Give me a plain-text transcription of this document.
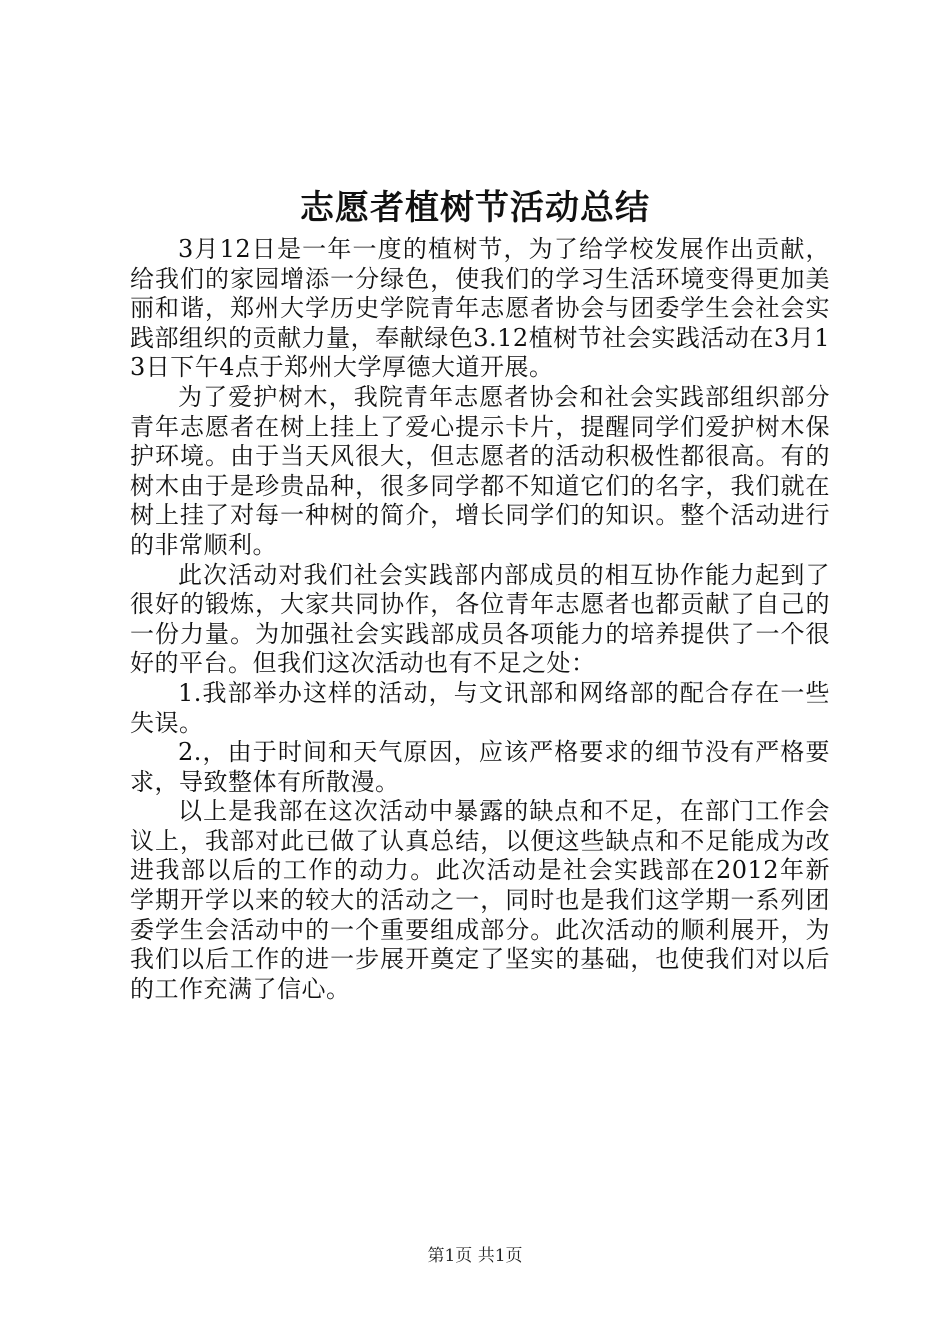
志愿者植树节活动总结

3月12日是一年一度的植树节，为了给学校发展作出贡献，给我们的家园增添一分绿色，使我们的学习生活环境变得更加美丽和谐，郑州大学历史学院青年志愿者协会与团委学生会社会实践部组织的贡献力量，奉献绿色3.12植树节社会实践活动在3月13日下午4点于郑州大学厚德大道开展。

为了爱护树木，我院青年志愿者协会和社会实践部组织部分青年志愿者在树上挂上了爱心提示卡片，提醒同学们爱护树木保护环境。由于当天风很大，但志愿者的活动积极性都很高。有的树木由于是珍贵品种，很多同学都不知道它们的名字，我们就在树上挂了对每一种树的简介，增长同学们的知识。整个活动进行的非常顺利。

此次活动对我们社会实践部内部成员的相互协作能力起到了很好的锻炼，大家共同协作，各位青年志愿者也都贡献了自己的一份力量。为加强社会实践部成员各项能力的培养提供了一个很好的平台。但我们这次活动也有不足之处：

1.我部举办这样的活动，与文讯部和网络部的配合存在一些失误。

2.，由于时间和天气原因，应该严格要求的细节没有严格要求，导致整体有所散漫。

以上是我部在这次活动中暴露的缺点和不足，在部门工作会议上，我部对此已做了认真总结，以便这些缺点和不足能成为改进我部以后的工作的动力。此次活动是社会实践部在2012年新学期开学以来的较大的活动之一，同时也是我们这学期一系列团委学生会活动中的一个重要组成部分。此次活动的顺利展开，为我们以后工作的进一步展开奠定了坚实的基础，也使我们对以后的工作充满了信心。

第1页 共1页
